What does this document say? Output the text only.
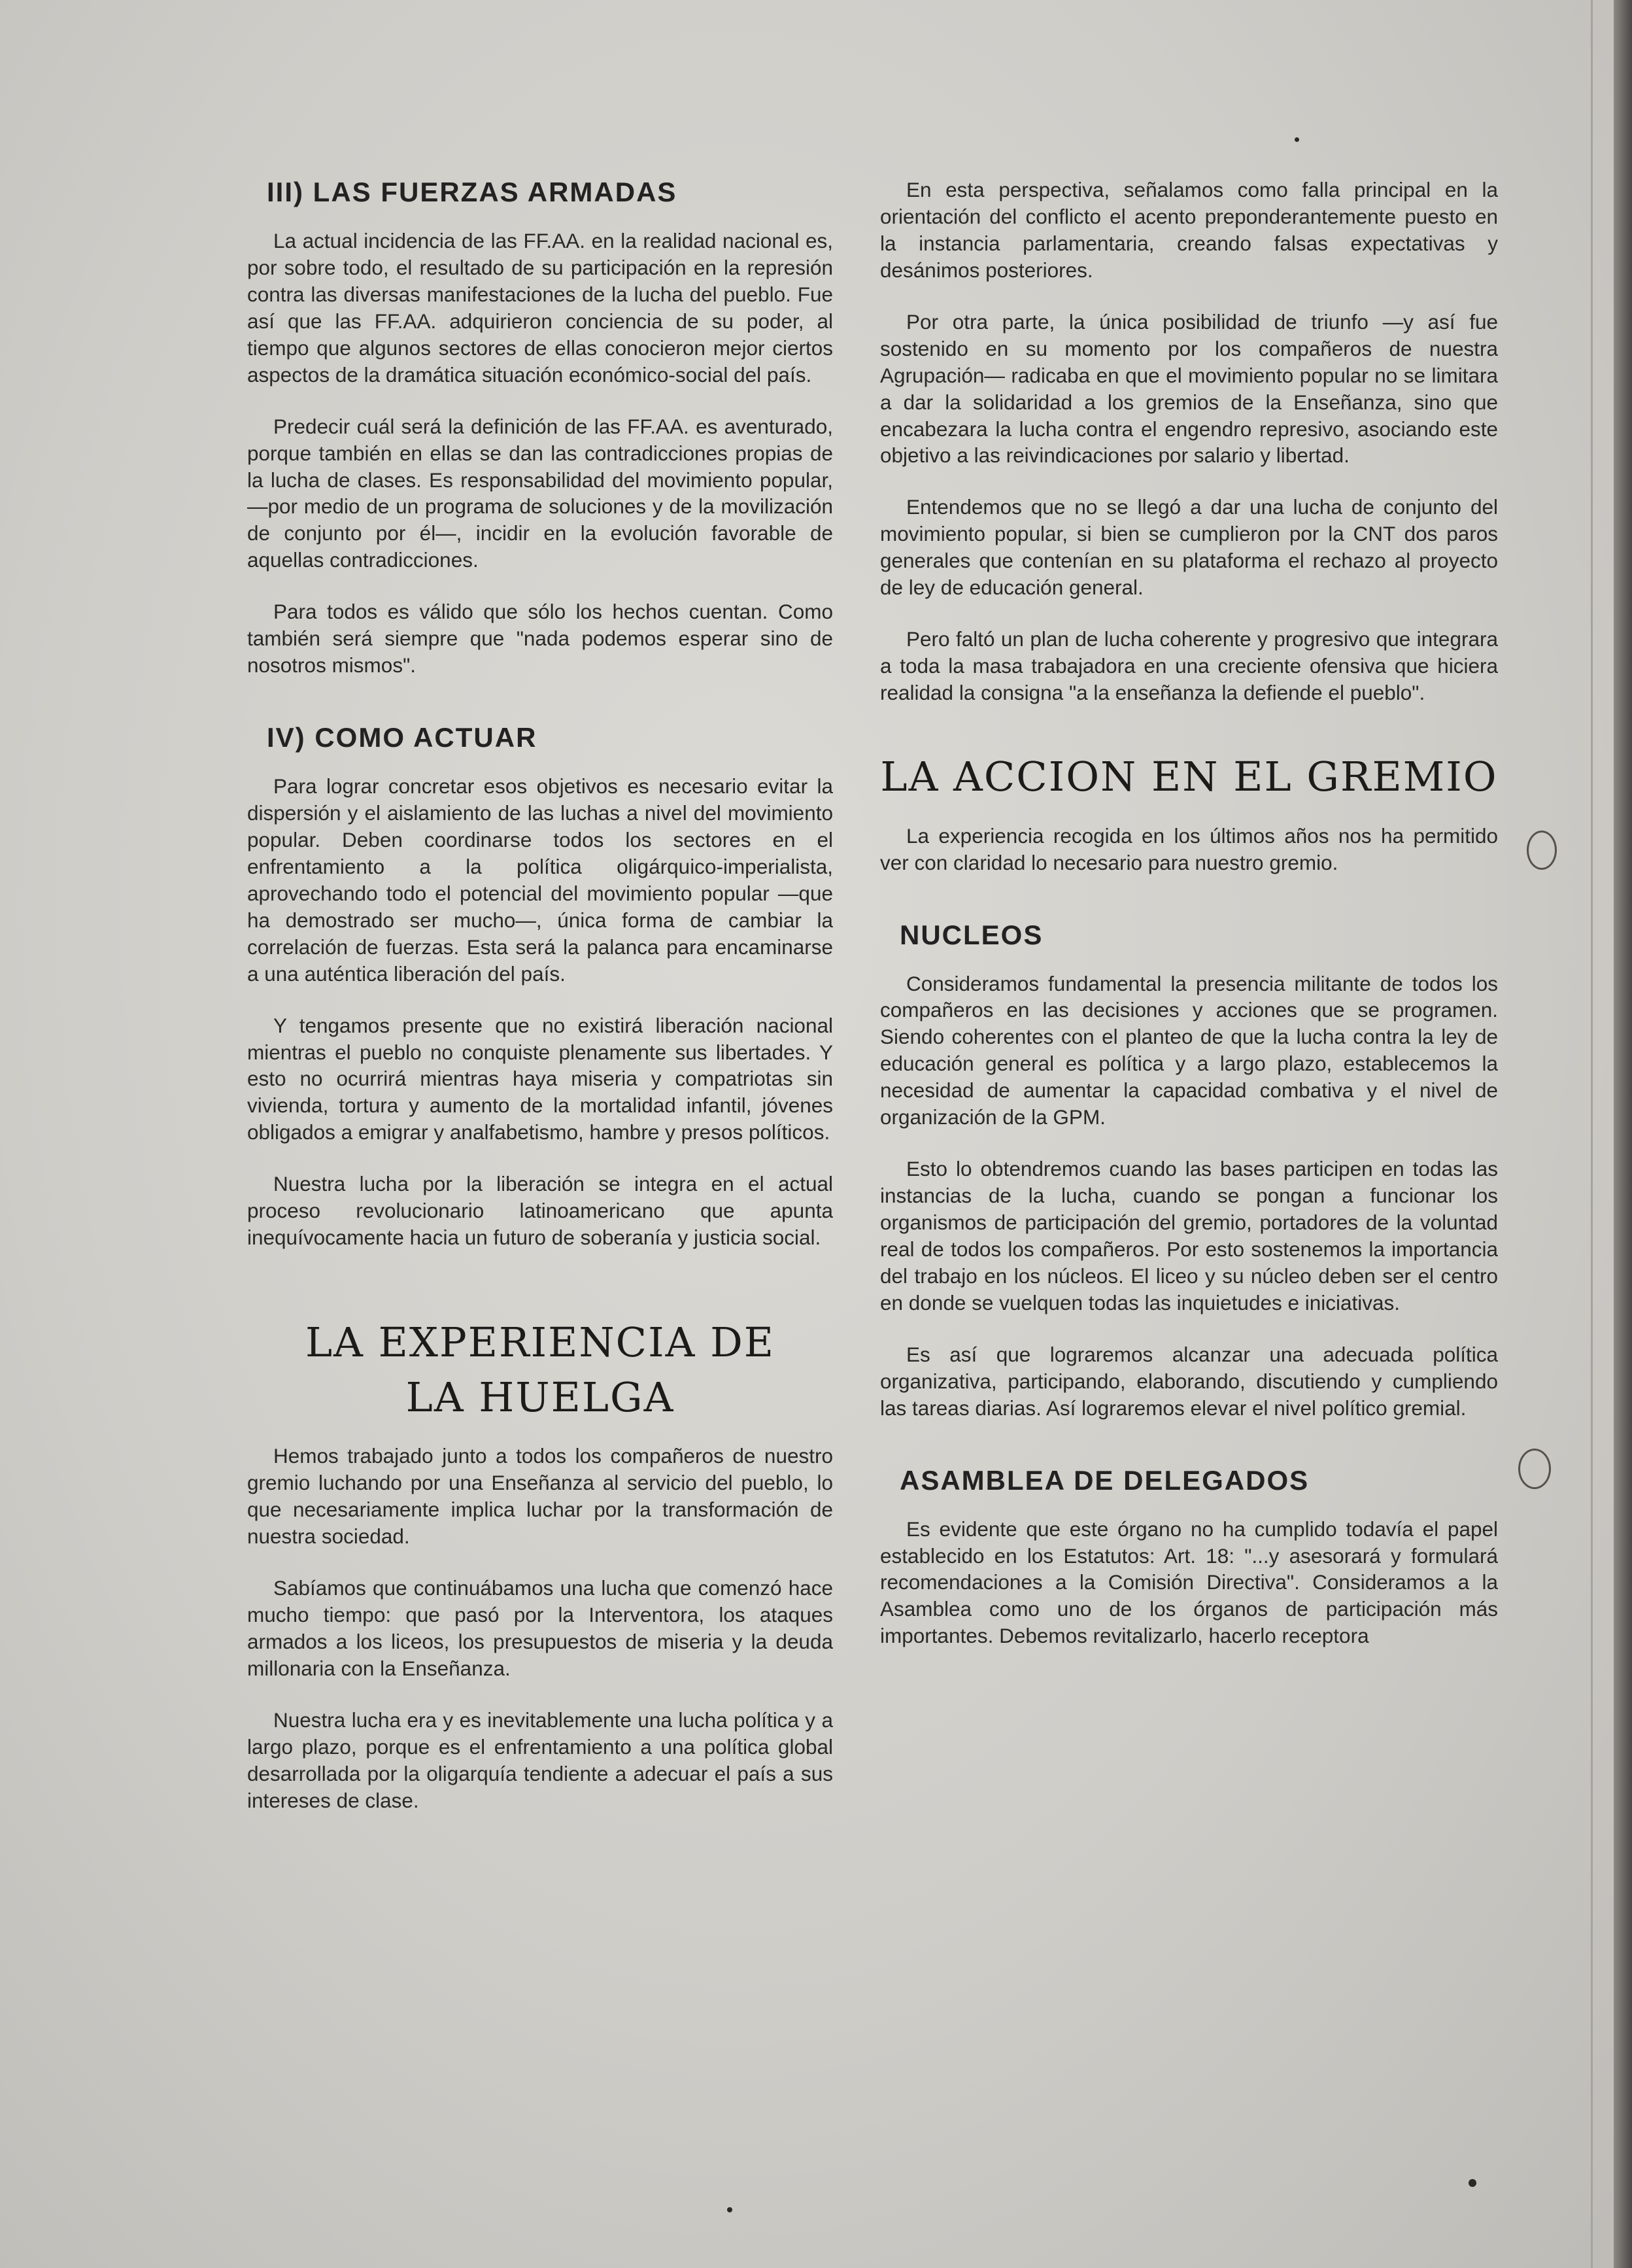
III) LAS FUERZAS ARMADAS

La actual incidencia de las FF.AA. en la realidad nacional es, por sobre todo, el resultado de su participación en la represión contra las diversas manifestaciones de la lucha del pueblo. Fue así que las FF.AA. adquirieron conciencia de su poder, al tiempo que algunos sectores de ellas conocieron mejor ciertos aspectos de la dramática situación económico-social del país.

Predecir cuál será la definición de las FF.AA. es aventurado, porque también en ellas se dan las contradicciones propias de la lucha de clases. Es responsabilidad del movimiento popular, —por medio de un programa de soluciones y de la movilización de conjunto por él—, incidir en la evolución favorable de aquellas contradicciones.

Para todos es válido que sólo los hechos cuentan. Como también será siempre que "nada podemos esperar sino de nosotros mismos".

IV) COMO ACTUAR

Para lograr concretar esos objetivos es necesario evitar la dispersión y el aislamiento de las luchas a nivel del movimiento popular. Deben coordinarse todos los sectores en el enfrentamiento a la política oligárquico-imperialista, aprovechando todo el potencial del movimiento popular —que ha demostrado ser mucho—, única forma de cambiar la correlación de fuerzas. Esta será la palanca para encaminarse a una auténtica liberación del país.

Y tengamos presente que no existirá liberación nacional mientras el pueblo no conquiste plenamente sus libertades. Y esto no ocurrirá mientras haya miseria y compatriotas sin vivienda, tortura y aumento de la mortalidad infantil, jóvenes obligados a emigrar y analfabetismo, hambre y presos políticos.

Nuestra lucha por la liberación se integra en el actual proceso revolucionario latinoamericano que apunta inequívocamente hacia un futuro de soberanía y justicia social.

LA EXPERIENCIA DE
LA HUELGA

Hemos trabajado junto a todos los compañeros de nuestro gremio luchando por una Enseñanza al servicio del pueblo, lo que necesariamente implica luchar por la transformación de nuestra sociedad.

Sabíamos que continuábamos una lucha que comenzó hace mucho tiempo: que pasó por la Interventora, los ataques armados a los liceos, los presupuestos de miseria y la deuda millonaria con la Enseñanza.

Nuestra lucha era y es inevitablemente una lucha política y a largo plazo, porque es el enfrentamiento a una política global desarrollada por la oligarquía tendiente a adecuar el país a sus intereses de clase.

En esta perspectiva, señalamos como falla principal en la orientación del conflicto el acento preponderantemente puesto en la instancia parlamentaria, creando falsas expectativas y desánimos posteriores.

Por otra parte, la única posibilidad de triunfo —y así fue sostenido en su momento por los compañeros de nuestra Agrupación— radicaba en que el movimiento popular no se limitara a dar la solidaridad a los gremios de la Enseñanza, sino que encabezara la lucha contra el engendro represivo, asociando este objetivo a las reivindicaciones por salario y libertad.

Entendemos que no se llegó a dar una lucha de conjunto del movimiento popular, si bien se cumplieron por la CNT dos paros generales que contenían en su plataforma el rechazo al proyecto de ley de educación general.

Pero faltó un plan de lucha coherente y progresivo que integrara a toda la masa trabajadora en una creciente ofensiva que hiciera realidad la consigna "a la enseñanza la defiende el pueblo".

LA ACCION EN EL GREMIO

La experiencia recogida en los últimos años nos ha permitido ver con claridad lo necesario para nuestro gremio.

NUCLEOS

Consideramos fundamental la presencia militante de todos los compañeros en las decisiones y acciones que se programen. Siendo coherentes con el planteo de que la lucha contra la ley de educación general es política y a largo plazo, establecemos la necesidad de aumentar la capacidad combativa y el nivel de organización de la GPM.

Esto lo obtendremos cuando las bases participen en todas las instancias de la lucha, cuando se pongan a funcionar los organismos de participación del gremio, portadores de la voluntad real de todos los compañeros. Por esto sostenemos la importancia del trabajo en los núcleos. El liceo y su núcleo deben ser el centro en donde se vuelquen todas las inquietudes e iniciativas.

Es así que lograremos alcanzar una adecuada política organizativa, participando, elaborando, discutiendo y cumpliendo las tareas diarias. Así lograremos elevar el nivel político gremial.

ASAMBLEA DE DELEGADOS

Es evidente que este órgano no ha cumplido todavía el papel establecido en los Estatutos: Art. 18: "...y asesorará y formulará recomendaciones a la Comisión Directiva". Consideramos a la Asamblea como uno de los órganos de participación más importantes. Debemos revitalizarlo, hacerlo receptora
